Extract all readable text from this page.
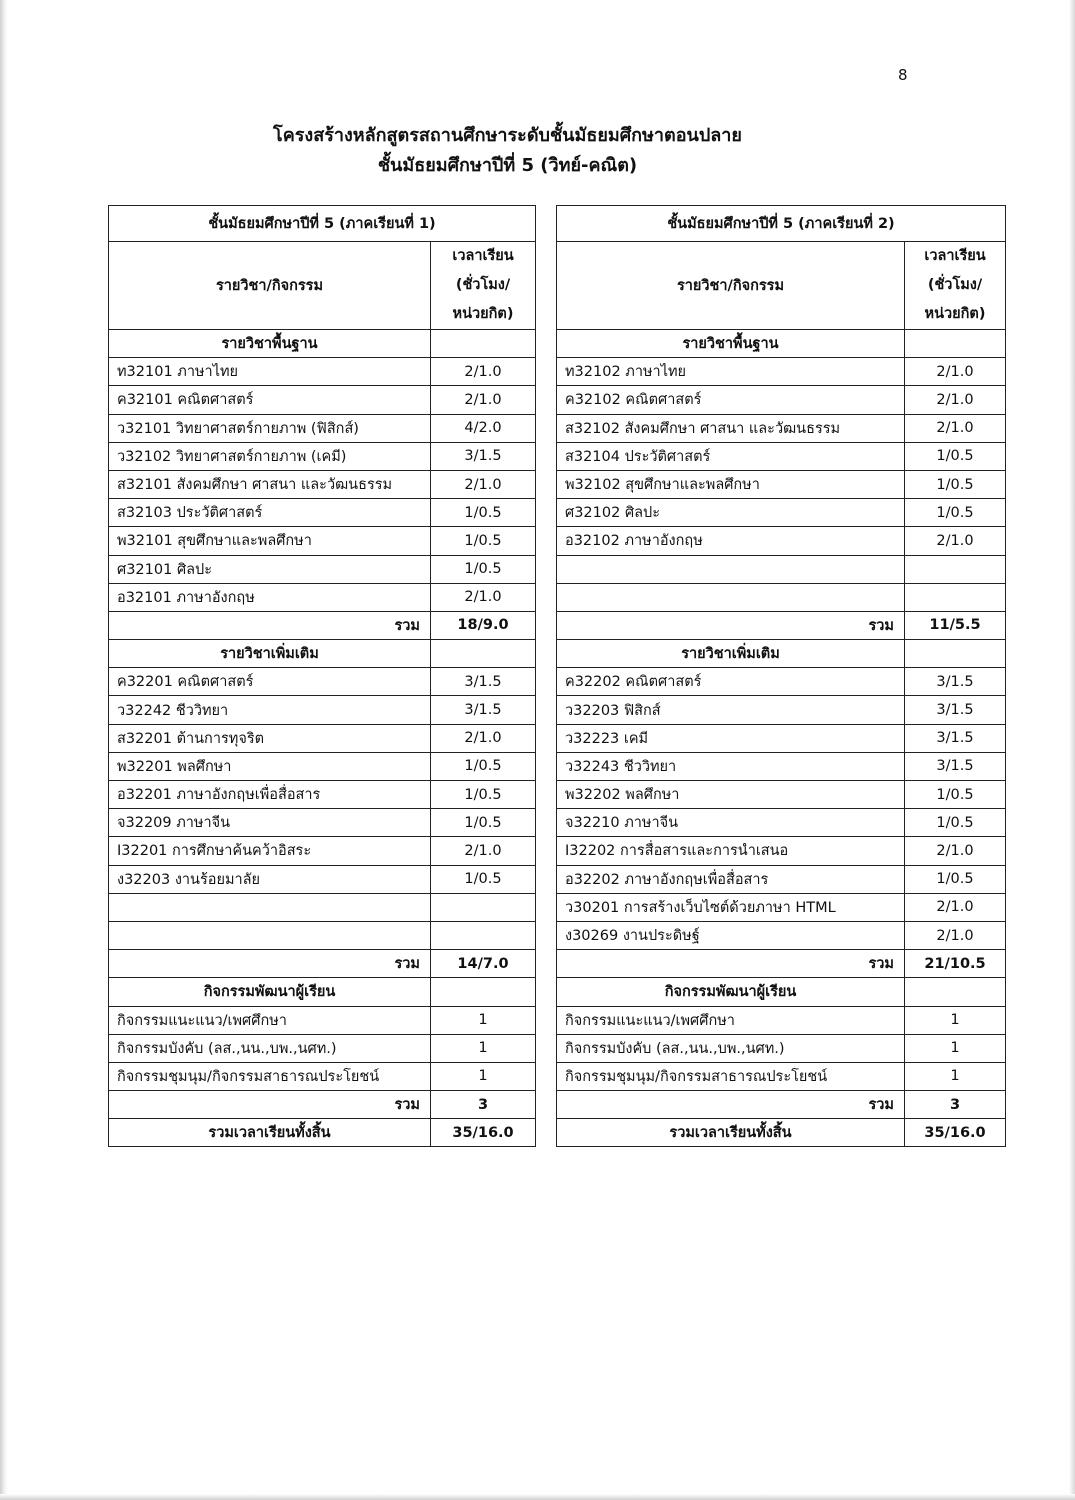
8
โครงสร้างหลักสูตรสถานศึกษาระดับชั้นมัธยมศึกษาตอนปลาย
ชั้นมัธยมศึกษาปีที่ 5 (วิทย์-คณิต)
ชั้นมัธยมศึกษาปีที่ 5 (ภาคเรียนที่ 1)	
รายวิชา/กิจกรรม	เวลาเรียน
(ชั่วโมง/
หน่วยกิต)

รายวิชาพื้นฐาน	
ท32101 ภาษาไทย	2/1.0
ค32101 คณิตศาสตร์	2/1.0
ว32101 วิทยาศาสตร์กายภาพ (ฟิสิกส์)	4/2.0
ว32102 วิทยาศาสตร์กายภาพ (เคมี)	3/1.5
ส32101 สังคมศึกษา ศาสนา และวัฒนธรรม	2/1.0
ส32103 ประวัติศาสตร์	1/0.5
พ32101 สุขศึกษาและพลศึกษา	1/0.5
ศ32101 ศิลปะ	1/0.5
อ32101 ภาษาอังกฤษ	2/1.0
รวม	18/9.0
รายวิชาเพิ่มเติม	
ค32201 คณิตศาสตร์	3/1.5
ว32242 ชีววิทยา	3/1.5
ส32201 ต้านการทุจริต	2/1.0
พ32201 พลศึกษา	1/0.5
อ32201 ภาษาอังกฤษเพื่อสื่อสาร	1/0.5
จ32209 ภาษาจีน	1/0.5
I32201 การศึกษาค้นคว้าอิสระ	2/1.0
ง32203 งานร้อยมาลัย	1/0.5

รวม	14/7.0
กิจกรรมพัฒนาผู้เรียน	
กิจกรรมแนะแนว/เพศศึกษา	1
กิจกรรมบังคับ (ลส.,นน.,บพ.,นศท.)	1
กิจกรรมชุมนุม/กิจกรรมสาธารณประโยชน์	1
รวม	3
รวมเวลาเรียนทั้งสิ้น	35/16.0
ชั้นมัธยมศึกษาปีที่ 5 (ภาคเรียนที่ 2)	
รายวิชา/กิจกรรม	เวลาเรียน
(ชั่วโมง/
หน่วยกิต)

รายวิชาพื้นฐาน	
ท32102 ภาษาไทย	2/1.0
ค32102 คณิตศาสตร์	2/1.0
ส32102 สังคมศึกษา ศาสนา และวัฒนธรรม	2/1.0
ส32104 ประวัติศาสตร์	1/0.5
พ32102 สุขศึกษาและพลศึกษา	1/0.5
ศ32102 ศิลปะ	1/0.5
อ32102 ภาษาอังกฤษ	2/1.0

รวม	11/5.5
รายวิชาเพิ่มเติม	
ค32202 คณิตศาสตร์	3/1.5
ว32203 ฟิสิกส์	3/1.5
ว32223 เคมี	3/1.5
ว32243 ชีววิทยา	3/1.5
พ32202 พลศึกษา	1/0.5
จ32210 ภาษาจีน	1/0.5
I32202 การสื่อสารและการนำเสนอ	2/1.0
อ32202 ภาษาอังกฤษเพื่อสื่อสาร	1/0.5
ว30201 การสร้างเว็บไซต์ด้วยภาษา HTML	2/1.0
ง30269 งานประดิษฐ์	2/1.0
รวม	21/10.5
กิจกรรมพัฒนาผู้เรียน	
กิจกรรมแนะแนว/เพศศึกษา	1
กิจกรรมบังคับ (ลส.,นน.,บพ.,นศท.)	1
กิจกรรมชุมนุม/กิจกรรมสาธารณประโยชน์	1
รวม	3
รวมเวลาเรียนทั้งสิ้น	35/16.0
